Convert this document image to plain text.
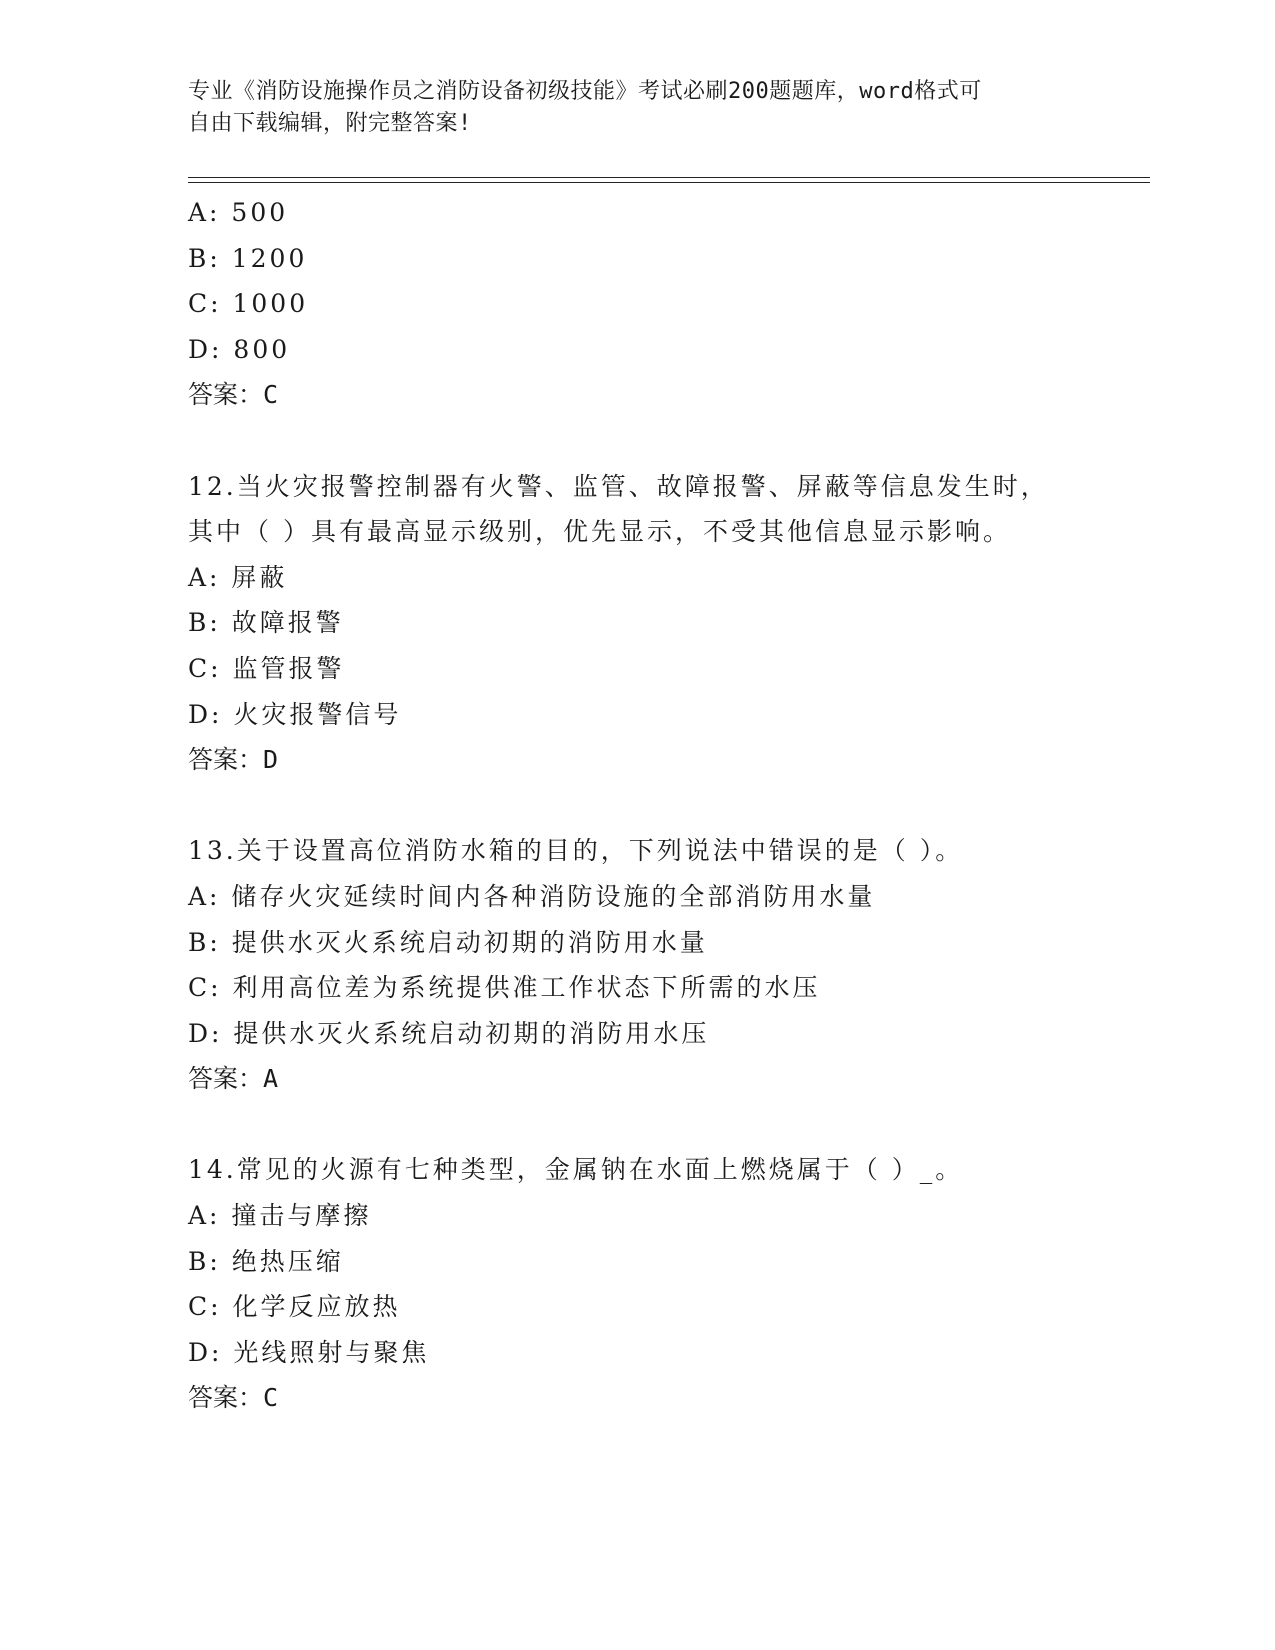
专业《消防设施操作员之消防设备初级技能》考试必刷200题题库，word格式可
自由下载编辑，附完整答案!
A: 500
B: 1200
C: 1000
D: 800
答案：C
12.当火灾报警控制器有火警、监管、故障报警、屏蔽等信息发生时，
其中（ ）具有最高显示级别，优先显示，不受其他信息显示影响。
A: 屏蔽
B: 故障报警
C: 监管报警
D: 火灾报警信号
答案：D
13.关于设置高位消防水箱的目的，下列说法中错误的是（ ）。
A: 储存火灾延续时间内各种消防设施的全部消防用水量
B: 提供水灭火系统启动初期的消防用水量
C: 利用高位差为系统提供准工作状态下所需的水压
D: 提供水灭火系统启动初期的消防用水压
答案：A
14.常见的火源有七种类型，金属钠在水面上燃烧属于（ ）_。
A: 撞击与摩擦
B: 绝热压缩
C: 化学反应放热
D: 光线照射与聚焦
答案：C
